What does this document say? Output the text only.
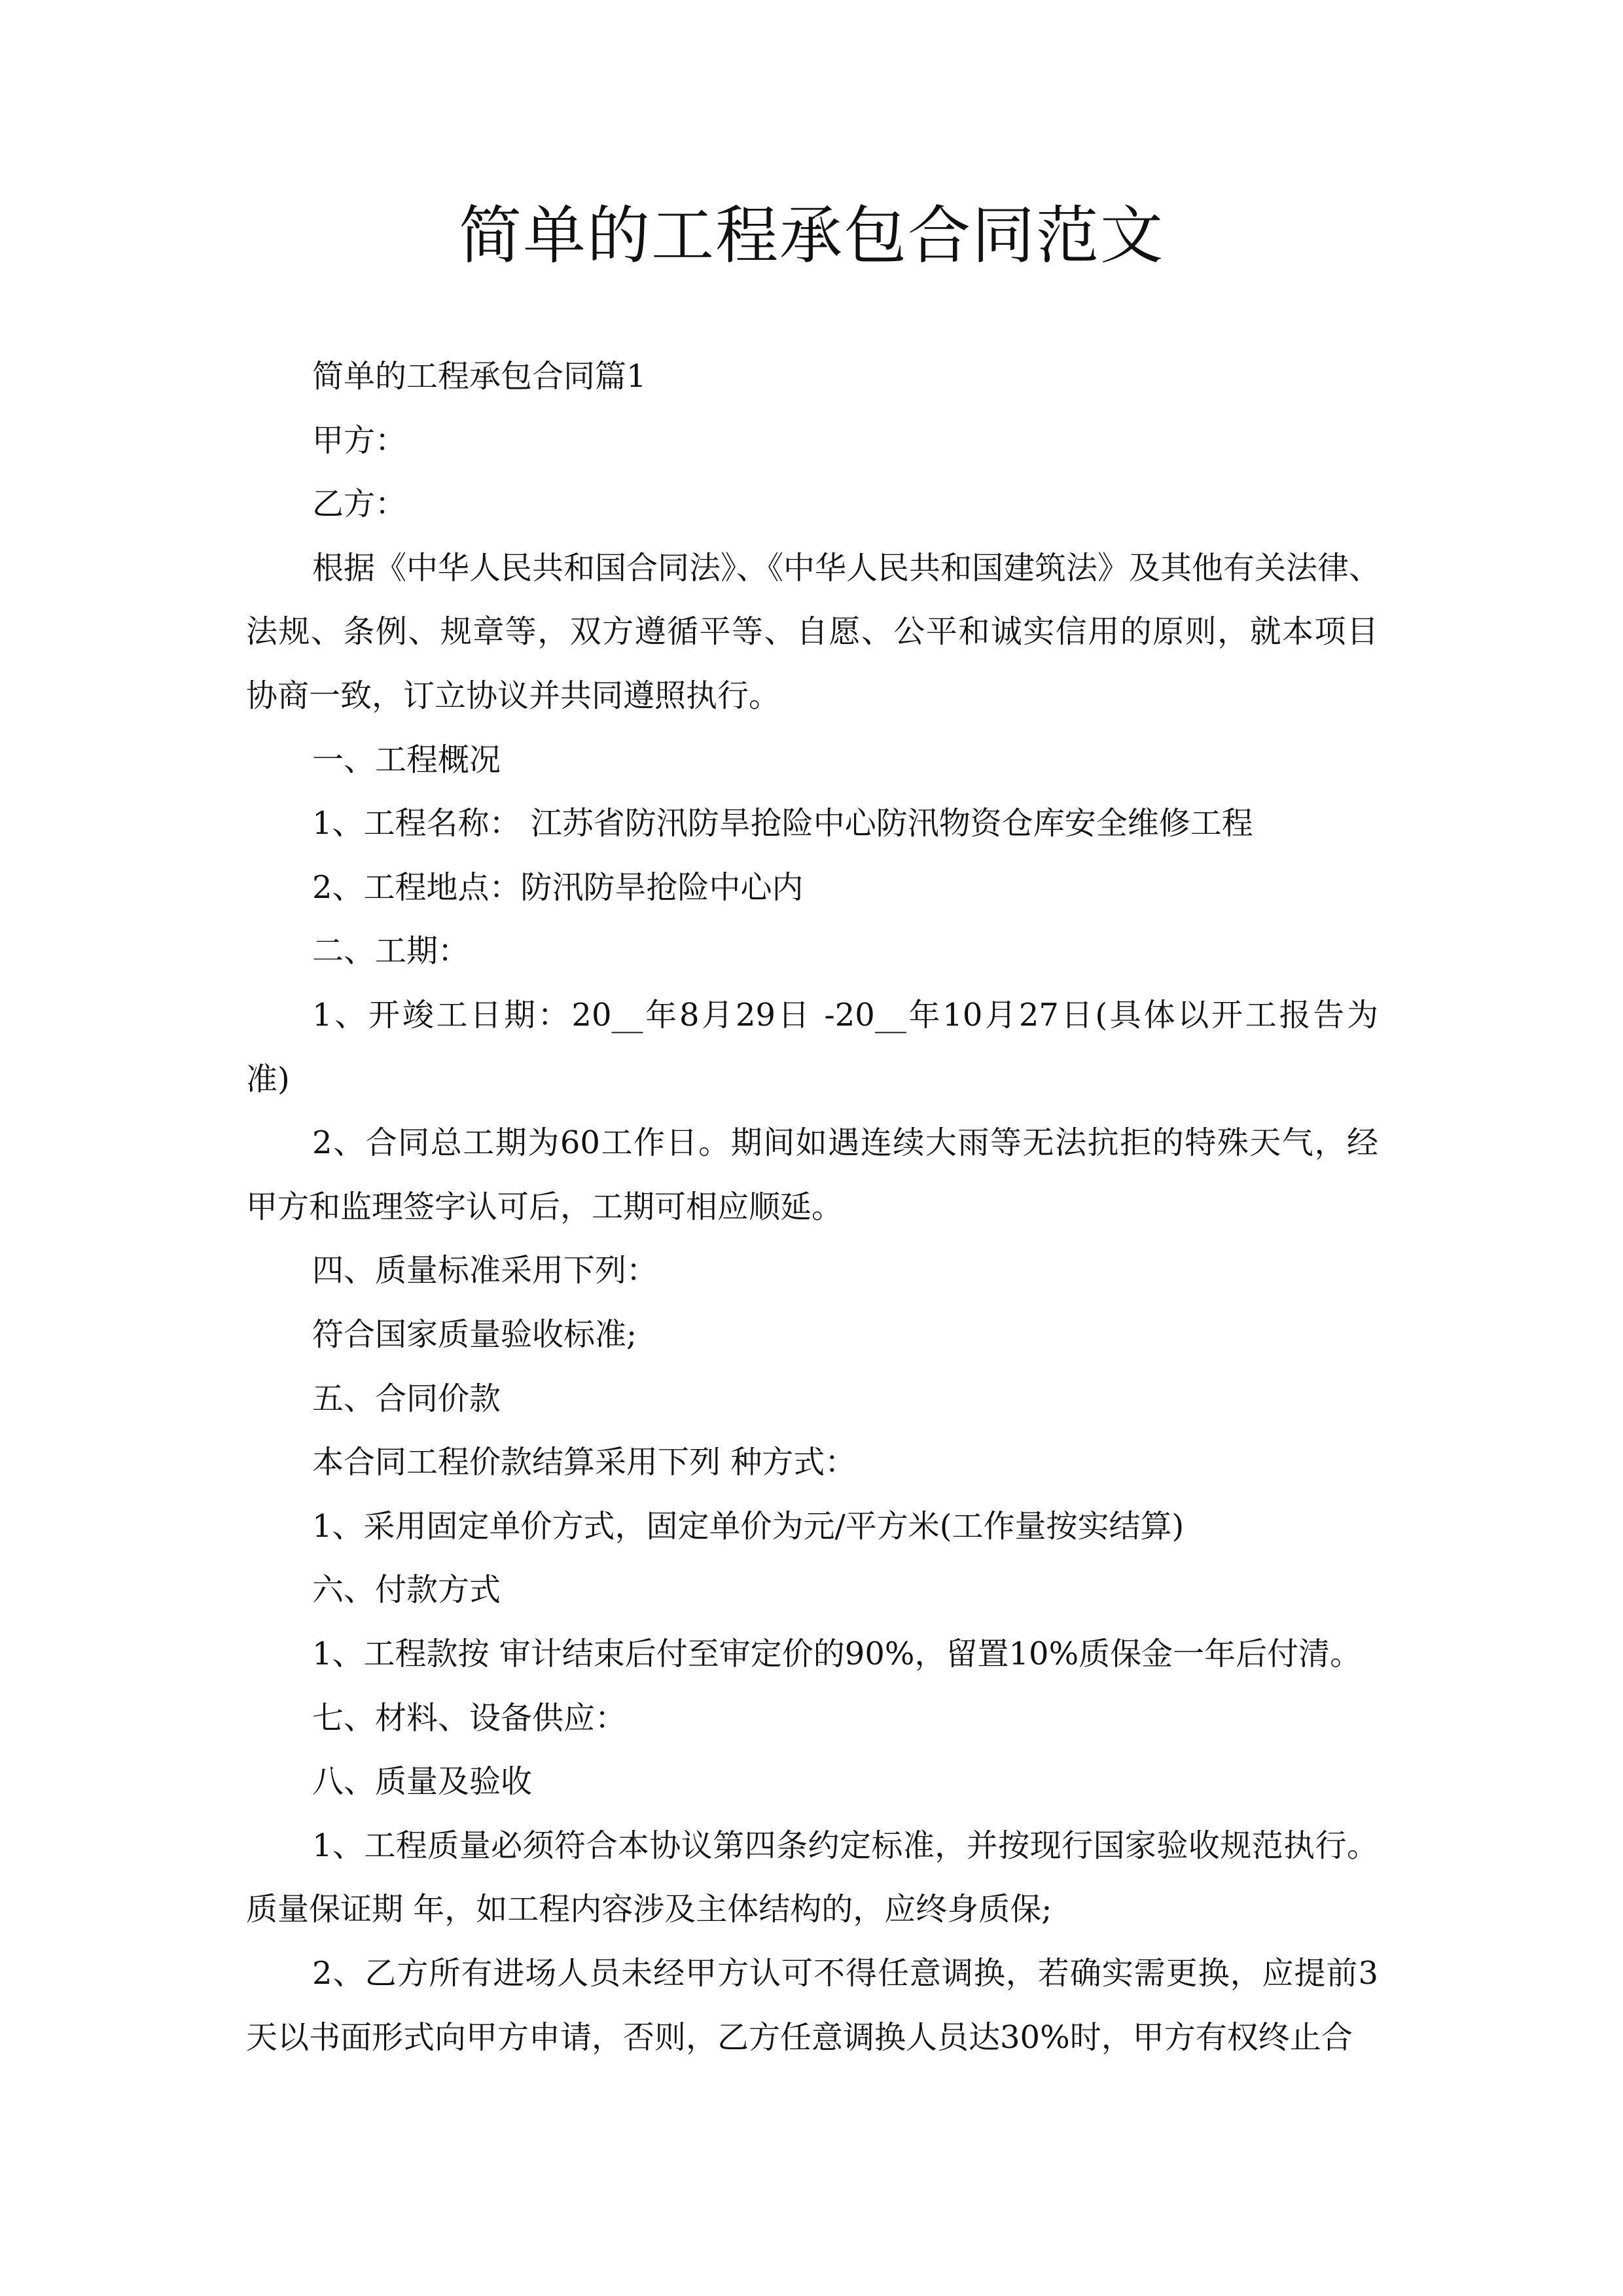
简单的工程承包合同范文
简单的工程承包合同篇1
甲方：
乙方：
根据《中华人民共和国合同法》、《中华人民共和国建筑法》及其他有关法律、
法规、条例、规章等，双方遵循平等、自愿、公平和诚实信用的原则，就本项目
协商一致，订立协议并共同遵照执行。
一、工程概况
1、工程名称： 江苏省防汛防旱抢险中心防汛物资仓库安全维修工程
2、工程地点：防汛防旱抢险中心内
二、工期：
1、开竣工日期：20__年8月29日 -20__年10月27日(具体以开工报告为
准)
2、合同总工期为60工作日。期间如遇连续大雨等无法抗拒的特殊天气，经
甲方和监理签字认可后，工期可相应顺延。
四、质量标准采用下列：
符合国家质量验收标准;
五、合同价款
本合同工程价款结算采用下列 种方式：
1、采用固定单价方式，固定单价为元/平方米(工作量按实结算)
六、付款方式
1、工程款按 审计结束后付至审定价的90%，留置10%质保金一年后付清。
七、材料、设备供应：
八、质量及验收
1、工程质量必须符合本协议第四条约定标准，并按现行国家验收规范执行。
质量保证期 年，如工程内容涉及主体结构的，应终身质保;
2、乙方所有进场人员未经甲方认可不得任意调换，若确实需更换，应提前3
天以书面形式向甲方申请，否则，乙方任意调换人员达30%时，甲方有权终止合
